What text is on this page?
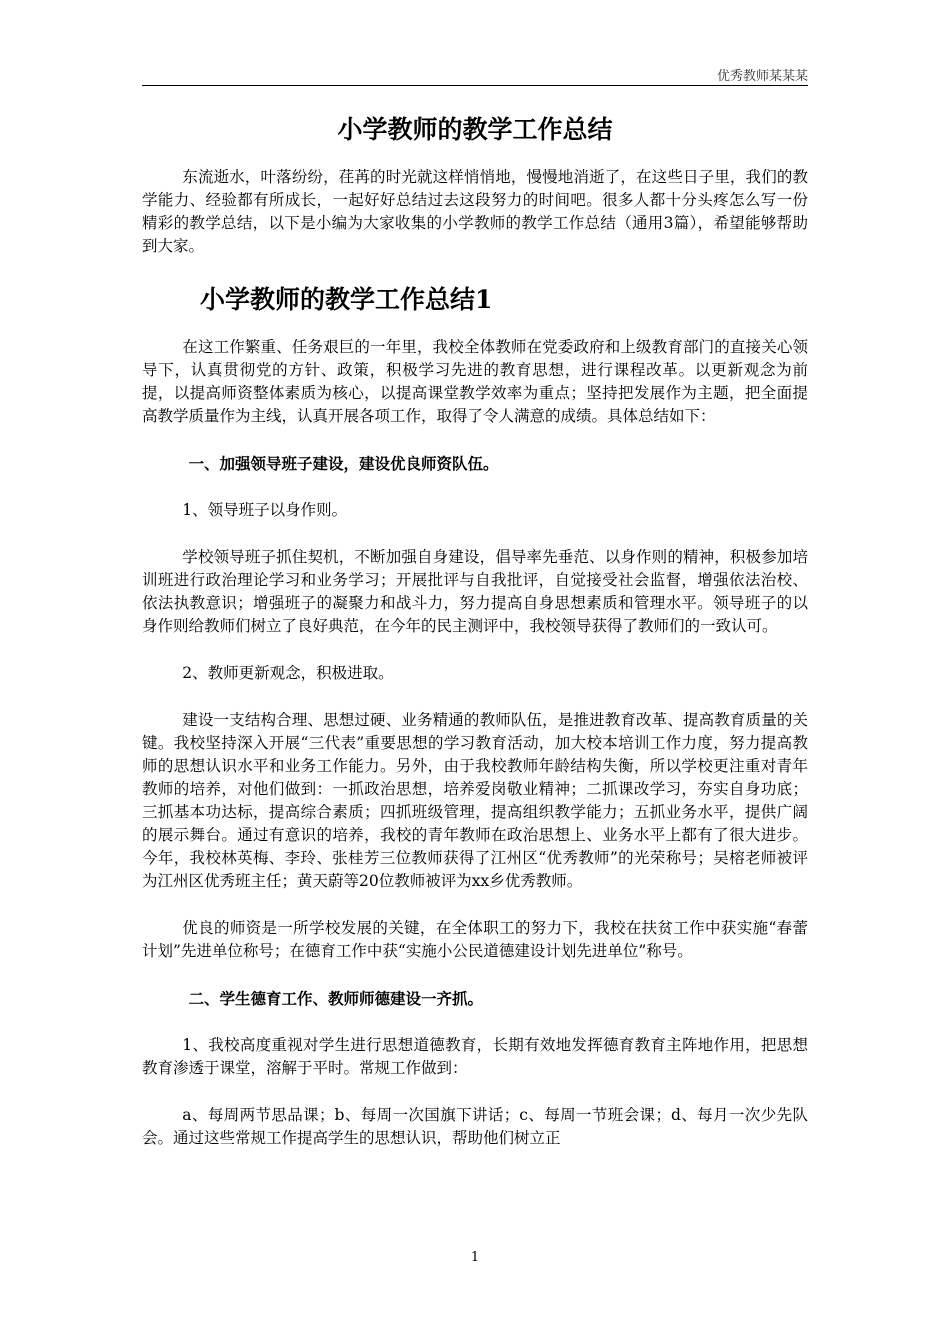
优秀教师某某某
小学教师的教学工作总结

东流逝水，叶落纷纷，荏苒的时光就这样悄悄地，慢慢地消逝了，在这些日子里，我们的教学能力、经验都有所成长，一起好好总结过去这段努力的时间吧。很多人都十分头疼怎么写一份精彩的教学总结，以下是小编为大家收集的小学教师的教学工作总结（通用3篇），希望能够帮助到大家。

小学教师的教学工作总结1

在这工作繁重、任务艰巨的一年里，我校全体教师在党委政府和上级教育部门的直接关心领导下，认真贯彻党的方针、政策，积极学习先进的教育思想，进行课程改革。以更新观念为前提，以提高师资整体素质为核心，以提高课堂教学效率为重点；坚持把发展作为主题，把全面提高教学质量作为主线，认真开展各项工作，取得了令人满意的成绩。具体总结如下：

一、加强领导班子建设，建设优良师资队伍。

1、领导班子以身作则。

学校领导班子抓住契机，不断加强自身建设，倡导率先垂范、以身作则的精神，积极参加培训班进行政治理论学习和业务学习；开展批评与自我批评，自觉接受社会监督，增强依法治校、依法执教意识；增强班子的凝聚力和战斗力，努力提高自身思想素质和管理水平。领导班子的以身作则给教师们树立了良好典范，在今年的民主测评中，我校领导获得了教师们的一致认可。

2、教师更新观念，积极进取。

建设一支结构合理、思想过硬、业务精通的教师队伍，是推进教育改革、提高教育质量的关键。我校坚持深入开展“三代表”重要思想的学习教育活动，加大校本培训工作力度，努力提高教师的思想认识水平和业务工作能力。另外，由于我校教师年龄结构失衡，所以学校更注重对青年教师的培养，对他们做到：一抓政治思想，培养爱岗敬业精神；二抓课改学习，夯实自身功底；三抓基本功达标，提高综合素质；四抓班级管理，提高组织教学能力；五抓业务水平，提供广阔的展示舞台。通过有意识的培养，我校的青年教师在政治思想上、业务水平上都有了很大进步。今年，我校林英梅、李玲、张桂芳三位教师获得了江州区“优秀教师”的光荣称号；吴榕老师被评为江州区优秀班主任；黄天蔚等20位教师被评为xx乡优秀教师。

优良的师资是一所学校发展的关键，在全体职工的努力下，我校在扶贫工作中获实施“春蕾计划”先进单位称号；在德育工作中获“实施小公民道德建设计划先进单位”称号。

二、学生德育工作、教师师德建设一齐抓。

1、我校高度重视对学生进行思想道德教育，长期有效地发挥德育教育主阵地作用，把思想教育渗透于课堂，溶解于平时。常规工作做到：

a、每周两节思品课；b、每周一次国旗下讲话；c、每周一节班会课；d、每月一次少先队会。通过这些常规工作提高学生的思想认识，帮助他们树立正

1
